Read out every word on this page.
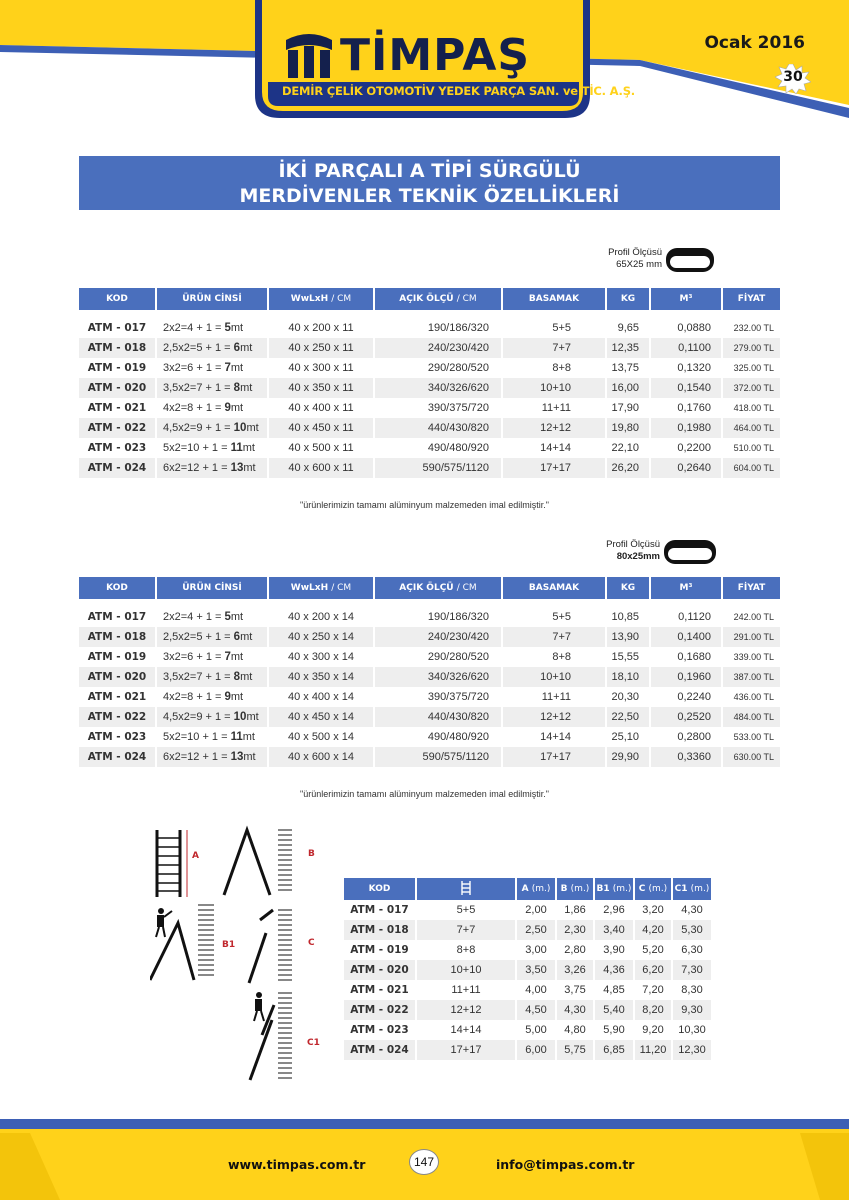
TİMPAŞ
DEMİR ÇELİK OTOMOTİV YEDEK PARÇA SAN. ve TİC. A.Ş.
Ocak 2016
30
İKİ PARÇALI A TİPİ SÜRGÜLÜ
MERDİVENLER TEKNİK ÖZELLİKLERİ
Profil Ölçüsü
65X25 mm
KOD	ÜRÜN CİNSİ	WwLxH / CM	AÇIK ÖLÇÜ / CM	BASAMAK	KG	M³	FİYAT

ATM - 017	2x2=4 + 1 = 5mt	40 x 200 x 11	190/186/320	5+5	9,65	0,0880	232.00 TL
ATM - 018	2,5x2=5 + 1 = 6mt	40 x 250 x 11	240/230/420	7+7	12,35	0,1100	279.00 TL
ATM - 019	3x2=6 + 1 = 7mt	40 x 300 x 11	290/280/520	8+8	13,75	0,1320	325.00 TL
ATM - 020	3,5x2=7 + 1 = 8mt	40 x 350 x 11	340/326/620	10+10	16,00	0,1540	372.00 TL
ATM - 021	4x2=8 + 1 = 9mt	40 x 400 x 11	390/375/720	11+11	17,90	0,1760	418.00 TL
ATM - 022	4,5x2=9 + 1 = 10mt	40 x 450 x 11	440/430/820	12+12	19,80	0,1980	464.00 TL
ATM - 023	5x2=10 + 1 = 11mt	40 x 500 x 11	490/480/920	14+14	22,10	0,2200	510.00 TL
ATM - 024	6x2=12 + 1 = 13mt	40 x 600 x 11	590/575/1120	17+17	26,20	0,2640	604.00 TL
"ürünlerimizin tamamı alüminyum malzemeden imal edilmiştir."
Profil Ölçüsü
80x25mm
KOD	ÜRÜN CİNSİ	WwLxH / CM	AÇIK ÖLÇÜ / CM	BASAMAK	KG	M³	FİYAT

ATM - 017	2x2=4 + 1 = 5mt	40 x 200 x 14	190/186/320	5+5	10,85	0,1120	242.00 TL
ATM - 018	2,5x2=5 + 1 = 6mt	40 x 250 x 14	240/230/420	7+7	13,90	0,1400	291.00 TL
ATM - 019	3x2=6 + 1 = 7mt	40 x 300 x 14	290/280/520	8+8	15,55	0,1680	339.00 TL
ATM - 020	3,5x2=7 + 1 = 8mt	40 x 350 x 14	340/326/620	10+10	18,10	0,1960	387.00 TL
ATM - 021	4x2=8 + 1 = 9mt	40 x 400 x 14	390/375/720	11+11	20,30	0,2240	436.00 TL
ATM - 022	4,5x2=9 + 1 = 10mt	40 x 450 x 14	440/430/820	12+12	22,50	0,2520	484.00 TL
ATM - 023	5x2=10 + 1 = 11mt	40 x 500 x 14	490/480/920	14+14	25,10	0,2800	533.00 TL
ATM - 024	6x2=12 + 1 = 13mt	40 x 600 x 14	590/575/1120	17+17	29,90	0,3360	630.00 TL
"ürünlerimizin tamamı alüminyum malzemeden imal edilmiştir."
A	B
B1	C
C1
KOD		A (m.)	B (m.)	B1 (m.)	C (m.)	C1 (m.)
ATM - 017	5+5	2,00	1,86	2,96	3,20	4,30
ATM - 018	7+7	2,50	2,30	3,40	4,20	5,30
ATM - 019	8+8	3,00	2,80	3,90	5,20	6,30
ATM - 020	10+10	3,50	3,26	4,36	6,20	7,30
ATM - 021	11+11	4,00	3,75	4,85	7,20	8,30
ATM - 022	12+12	4,50	4,30	5,40	8,20	9,30
ATM - 023	14+14	5,00	4,80	5,90	9,20	10,30
ATM - 024	17+17	6,00	5,75	6,85	11,20	12,30
www.timpas.com.tr	147	info@timpas.com.tr
